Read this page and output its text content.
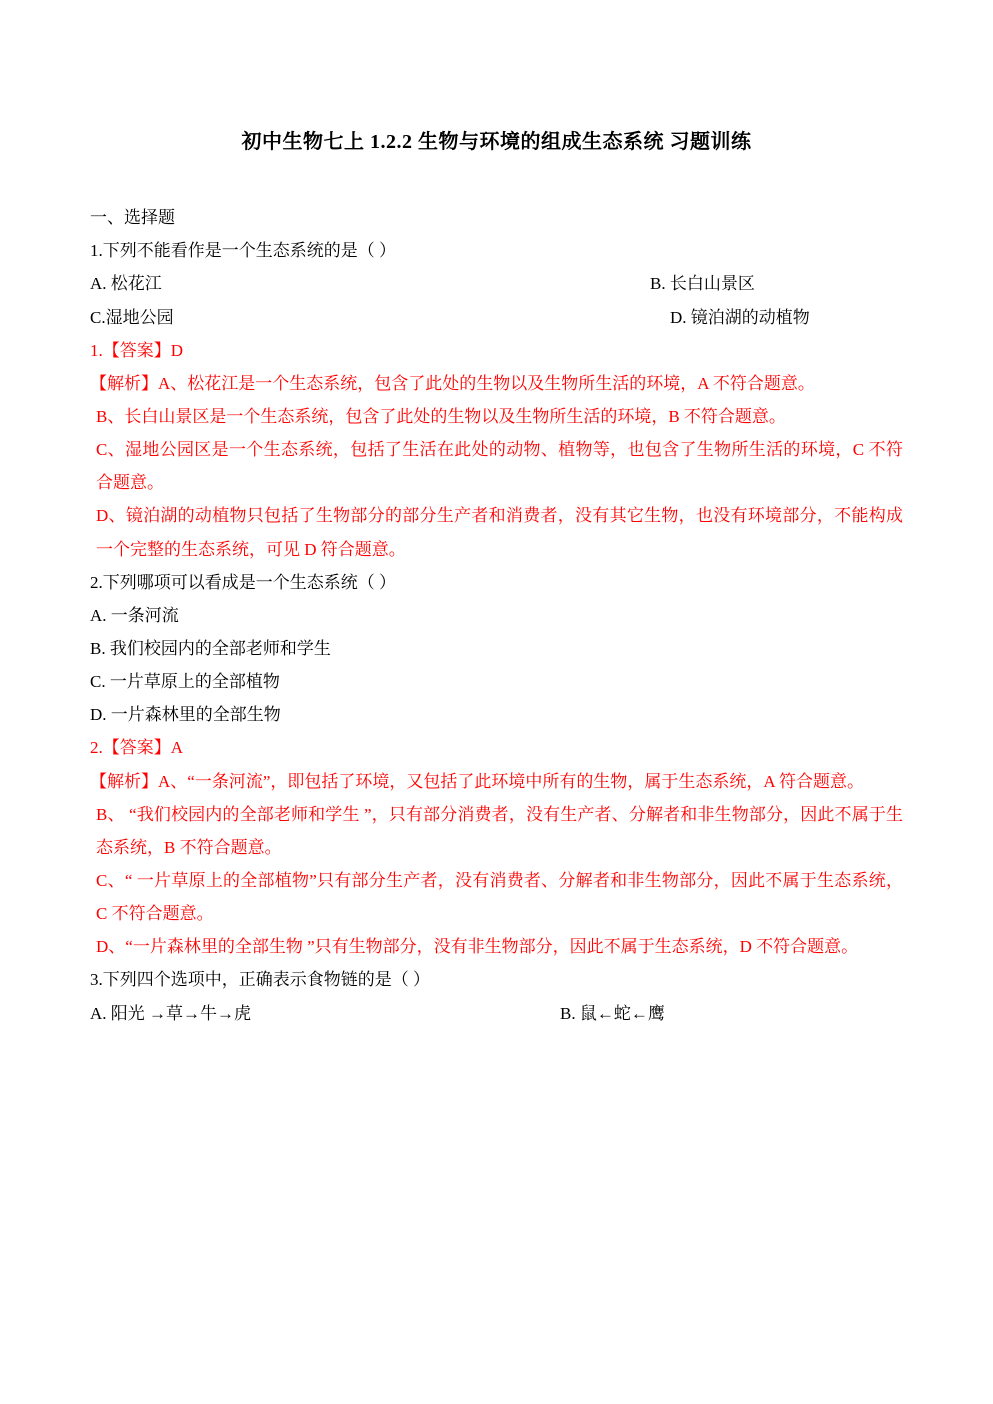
初中生物七上 1.2.2 生物与环境的组成生态系统 习题训练
一、选择题
1.下列不能看作是一个生态系统的是（ ）
A. 松花江	B. 长白山景区
C.湿地公园	D. 镜泊湖的动植物
1.【答案】D
【解析】A、松花江是一个生态系统，包含了此处的生物以及生物所生活的环境，A 不符合题意。
B、长白山景区是一个生态系统，包含了此处的生物以及生物所生活的环境，B 不符合题意。
C、湿地公园区是一个生态系统，包括了生活在此处的动物、植物等，也包含了生物所生活的环境，C 不符合题意。
D、镜泊湖的动植物只包括了生物部分的部分生产者和消费者，没有其它生物，也没有环境部分，不能构成一个完整的生态系统，可见 D 符合题意。
2.下列哪项可以看成是一个生态系统（ ）
A. 一条河流
B. 我们校园内的全部老师和学生
C. 一片草原上的全部植物
D. 一片森林里的全部生物
2.【答案】A
【解析】A、“一条河流”，即包括了环境，又包括了此环境中所有的生物，属于生态系统，A 符合题意。
B、 “我们校园内的全部老师和学生 ”，只有部分消费者，没有生产者、分解者和非生物部分，因此不属于生态系统，B 不符合题意。
C、“ 一片草原上的全部植物”只有部分生产者，没有消费者、分解者和非生物部分，因此不属于生态系统，C 不符合题意。
D、“一片森林里的全部生物 ”只有生物部分，没有非生物部分，因此不属于生态系统，D 不符合题意。
3.下列四个选项中，正确表示食物链的是（ ）
A. 阳光 →草→牛→虎	B. 鼠←蛇←鹰
